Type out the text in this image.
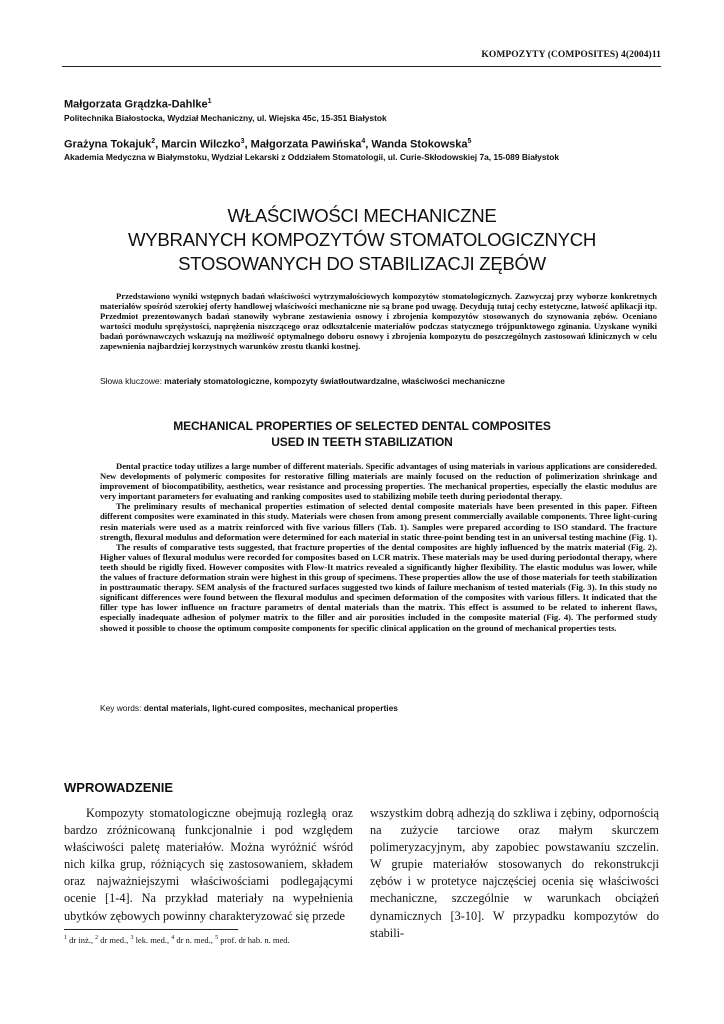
KOMPOZYTY (COMPOSITES) 4(2004)11

Małgorzata Grądzka-Dahlke$^1$

Politechnika Białostocka, Wydział Mechaniczny, ul. Wiejska 45c, 15-351 Białystok

Grażyna Tokajuk$^2$, Marcin Wilczko$^3$, Małgorzata Pawińska$^4$, Wanda Stokowska$^5$

Akademia Medyczna w Białymstoku, Wydział Lekarski z Oddziałem Stomatologii, ul. Curie-Skłodowskiej 7a, 15-089 Białystok

WŁAŚCIWOŚCI MECHANICZNE
WYBRANYCH KOMPOZYTÓW STOMATOLOGICZNYCH
STOSOWANYCH DO STABILIZACJI ZĘBÓW

Przedstawiono wyniki wstępnych badań właściwości wytrzymałościowych kompozytów stomatologicznych. Zazwyczaj przy wyborze konkretnych materiałów spośród szerokiej oferty handlowej właściwości mechaniczne nie są brane pod uwagę. Decydują tutaj cechy estetyczne, łatwość aplikacji itp. Przedmiot prezentowanych badań stanowiły wybrane zestawienia osnowy i zbrojenia kompozytów stosowanych do szynowania zębów. Oceniano wartości modułu sprężystości, naprężenia niszczącego oraz odkształcenie materiałów podczas statycznego trójpunktowego zginania. Uzyskane wyniki badań porównawczych wskazują na możliwość optymalnego doboru osnowy i zbrojenia kompozytu do poszczególnych zastosowań klinicznych w celu zapewnienia najbardziej korzystnych warunków zrostu tkanki kostnej.

Słowa kluczowe: materiały stomatologiczne, kompozyty światłoutwardzalne, właściwości mechaniczne
MECHANICAL PROPERTIES OF SELECTED DENTAL COMPOSITES
USED IN TEETH STABILIZATION

Dental practice today utilizes a large number of different materials. Specific advantages of using materials in various applications are considereded. New developments of polymeric composites for restorative filling materials are mainly focused on the reduction of polimerization shrinkage and improvement of biocompatibility, aesthetics, wear resistance and processing properties. The mechanical properties, especially the elastic modulus are very important parameters for evaluating and ranking composites used to stabilizing mobile teeth during periodontal therapy.

The preliminary results of mechanical properties estimation of selected dental composite materials have been presented in this paper. Fifteen different composites were examinated in this study. Materials were chosen from among present commercially available components. Three light-curing resin materials were used as a matrix reinforced with five various fillers (Tab. 1). Samples were prepared according to ISO standard. The fracture strength, flexural modulus and deformation were determined for each material in static three-point bending test in an universal testing machine (Fig. 1).

The results of comparative tests suggested, that fracture properties of the dental composites are highly influenced by the matrix material (Fig. 2). Higher values of flexural modulus were recorded for composites based on LCR matrix. These materials may be used during periodontal therapy, where teeth should be rigidly fixed. However composites with Flow-It matrics revealed a significantly higher flexibility. The elastic modulus was lower, while the values of fracture deformation strain were highest in this group of specimens. These properties allow the use of those materials for teeth stabilization in posttraumatic therapy. SEM analysis of the fractured surfaces suggested two kinds of failure mechanism of tested materials (Fig. 3). In this study no significant differences were found between the flexural modulus and specimen deformation of the composites with various fillers. It indicated that the filler type has lower influence on fracture parametrs of dental materials than the matrix. This effect is assumed to be related to inherent flaws, especially inadequate adhesion of polymer matrix to the filler and air porosities included in the composite material (Fig. 4). The performed study showed it possible to choose the optimum composite components for specific clinical application on the ground of mechanical properties tests.

Key words: dental materials, light-cured composites, mechanical properties
WPROWADZENIE

Kompozyty stomatologiczne obejmują rozległą oraz bardzo zróżnicowaną funkcjonalnie i pod względem właściwości paletę materiałów. Można wyróżnić wśród nich kilka grup, różniących się zastosowaniem, składem oraz najważniejszymi właściwościami podlegającymi ocenie [1-4]. Na przykład materiały na wypełnienia ubytków zębowych powinny charakteryzować się przede

wszystkim dobrą adhezją do szkliwa i zębiny, odpornością na zużycie tarciowe oraz małym skurczem polimeryzacyjnym, aby zapobiec powstawaniu szczelin. W grupie materiałów stosowanych do rekonstrukcji zębów i w protetyce najczęściej ocenia się właściwości mechaniczne, szczególnie w warunkach obciążeń dynamicznych [3-10]. W przypadku kompozytów do stabili-

$^1$ dr inż., $^2$ dr med., $^3$ lek. med., $^4$ dr n. med., $^5$ prof. dr hab. n. med.
